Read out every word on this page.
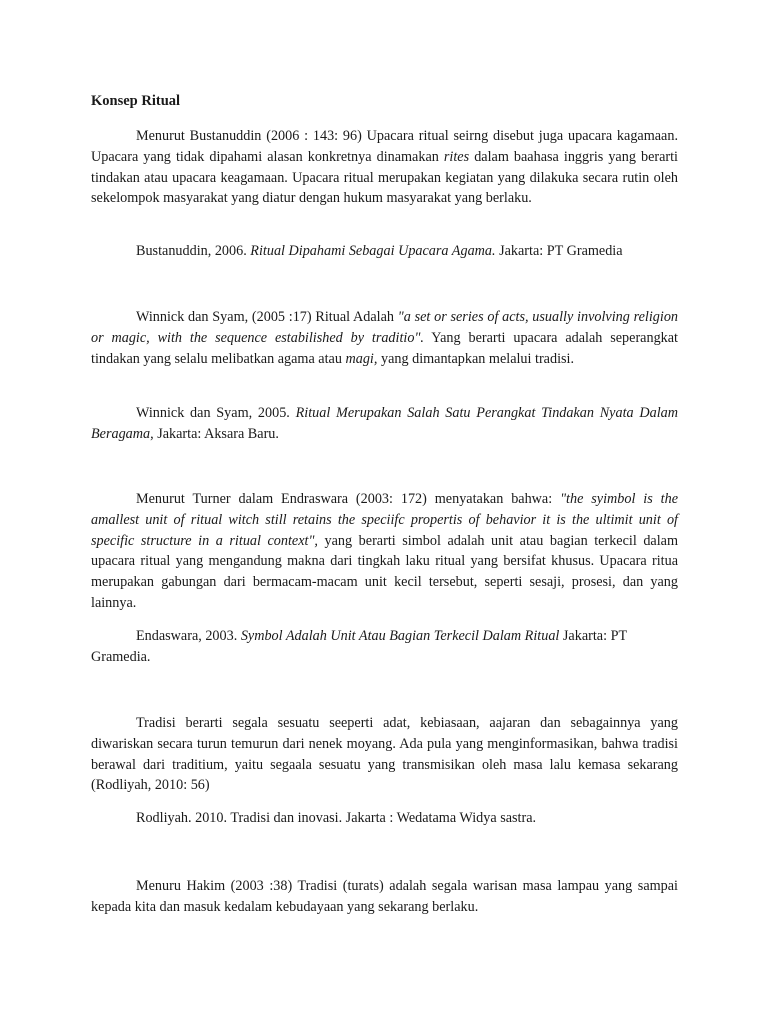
Konsep Ritual

Menurut Bustanuddin (2006 : 143: 96) Upacara ritual seirng disebut juga upacara kagamaan. Upacara yang tidak dipahami alasan konkretnya dinamakan rites dalam baahasa inggris yang berarti tindakan atau upacara keagamaan. Upacara ritual merupakan kegiatan yang dilakuka secara rutin oleh sekelompok masyarakat yang diatur dengan hukum masyarakat yang berlaku.

Bustanuddin, 2006. Ritual Dipahami Sebagai Upacara Agama. Jakarta: PT Gramedia

Winnick dan Syam, (2005 :17) Ritual Adalah "a set or series of acts, usually involving religion or magic, with the sequence estabilished by traditio". Yang berarti upacara adalah seperangkat tindakan yang selalu melibatkan agama atau magi, yang dimantapkan melalui tradisi.

Winnick dan Syam, 2005. Ritual Merupakan Salah Satu Perangkat Tindakan Nyata Dalam Beragama, Jakarta: Aksara Baru.

Menurut Turner dalam Endraswara (2003: 172) menyatakan bahwa: "the syimbol is the amallest unit of ritual witch still retains the speciifc propertis of behavior it is the ultimit unit of specific structure in a ritual context", yang berarti simbol adalah unit atau bagian terkecil dalam upacara ritual yang mengandung makna dari tingkah laku ritual yang bersifat khusus. Upacara ritua merupakan gabungan dari bermacam-macam unit kecil tersebut, seperti sesaji, prosesi, dan yang lainnya.

Endaswara, 2003. Symbol Adalah Unit Atau Bagian Terkecil Dalam Ritual Jakarta: PT Gramedia.

Tradisi berarti segala sesuatu seeperti adat, kebiasaan, aajaran dan sebagainnya yang diwariskan secara turun temurun dari nenek moyang. Ada pula yang menginformasikan, bahwa tradisi berawal dari traditium, yaitu segaala sesuatu yang transmisikan oleh masa lalu kemasa sekarang (Rodliyah, 2010: 56)

Rodliyah. 2010. Tradisi dan inovasi. Jakarta : Wedatama Widya sastra.

Menuru Hakim (2003 :38) Tradisi (turats) adalah segala warisan masa lampau yang sampai kepada kita dan masuk kedalam kebudayaan yang sekarang berlaku.
